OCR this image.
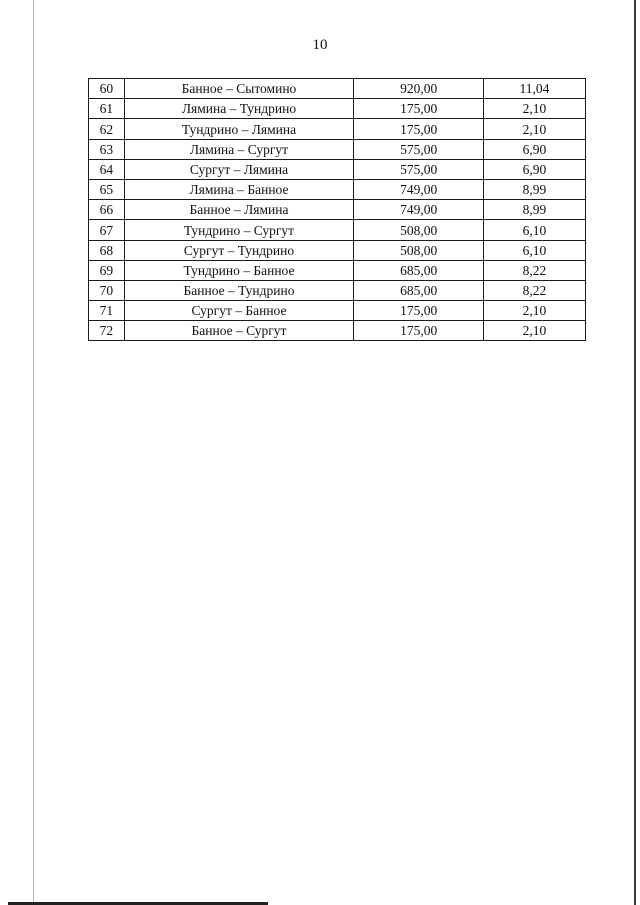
10
60	Банное – Сытомино	920,00	11,04
61	Лямина – Тундрино	175,00	2,10
62	Тундрино – Лямина	175,00	2,10
63	Лямина – Сургут	575,00	6,90
64	Сургут – Лямина	575,00	6,90
65	Лямина – Банное	749,00	8,99
66	Банное – Лямина	749,00	8,99
67	Тундрино – Сургут	508,00	6,10
68	Сургут – Тундрино	508,00	6,10
69	Тундрино – Банное	685,00	8,22
70	Банное – Тундрино	685,00	8,22
71	Сургут – Банное	175,00	2,10
72	Банное – Сургут	175,00	2,10
